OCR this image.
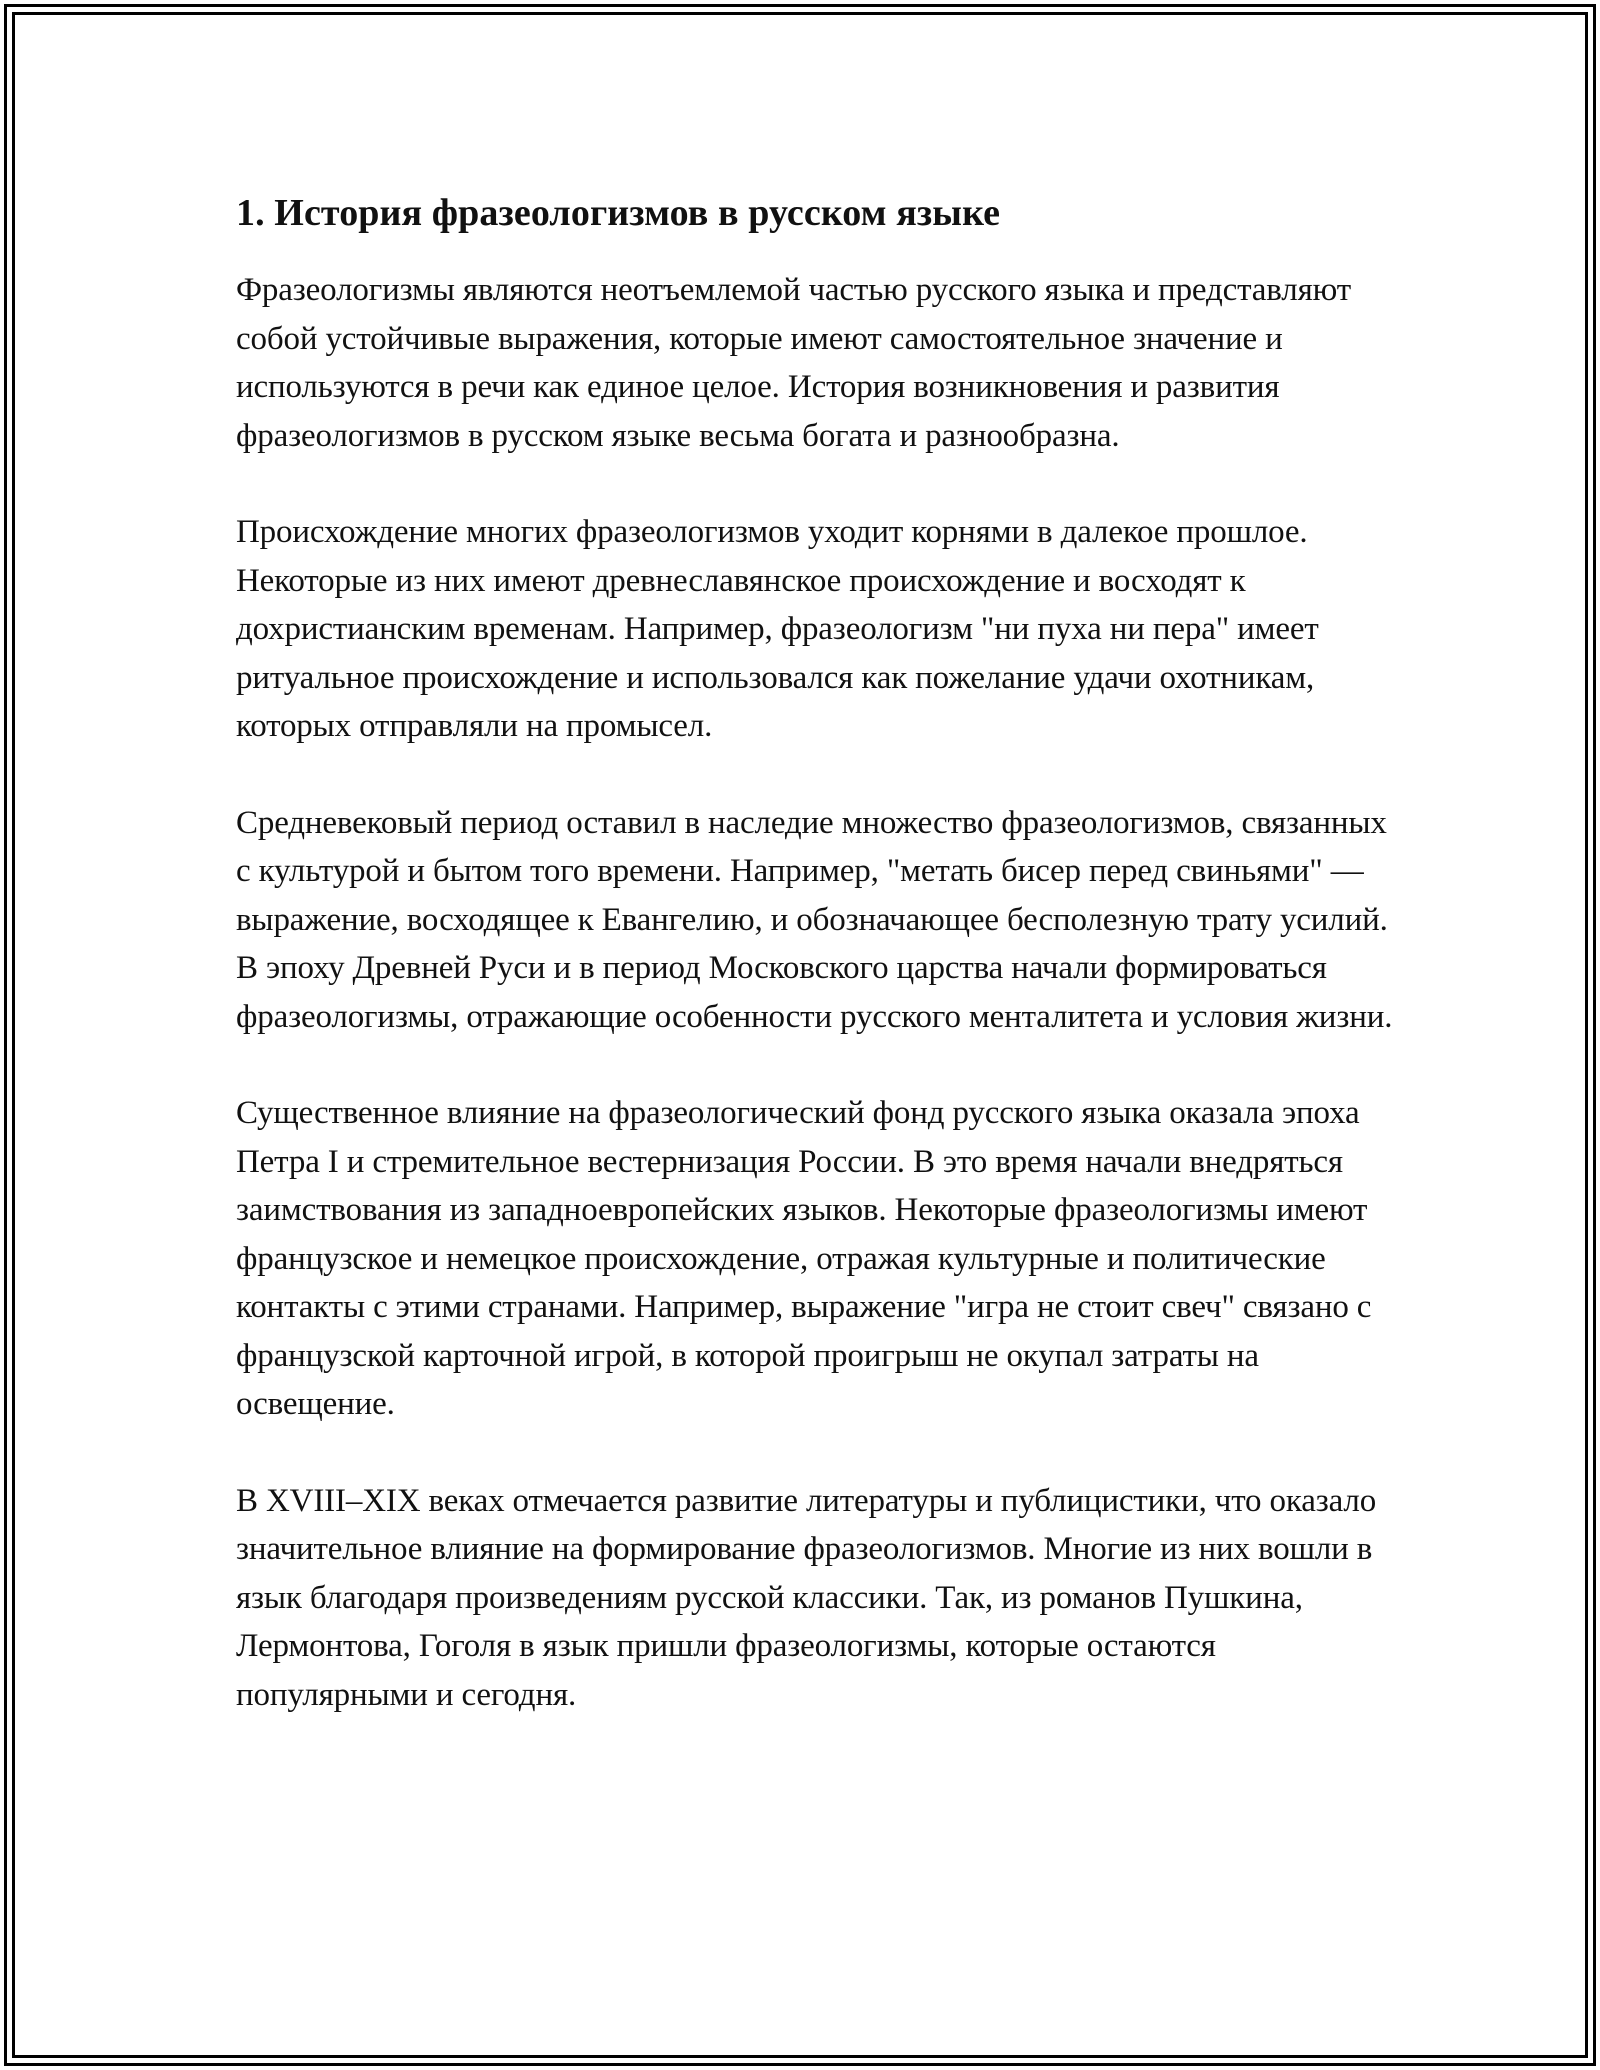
1. История фразеологизмов в русском языке

Фразеологизмы являются неотъемлемой частью русского языка и представляют собой устойчивые выражения, которые имеют самостоятельное значение и используются в речи как единое целое. История возникновения и развития фразеологизмов в русском языке весьма богата и разнообразна.

Происхождение многих фразеологизмов уходит корнями в далекое прошлое. Некоторые из них имеют древнеславянское происхождение и восходят к дохристианским временам. Например, фразеологизм "ни пуха ни пера" имеет ритуальное происхождение и использовался как пожелание удачи охотникам, которых отправляли на промысел.

Средневековый период оставил в наследие множество фразеологизмов, связанных с культурой и бытом того времени. Например, "метать бисер перед свиньями" — выражение, восходящее к Евангелию, и обозначающее бесполезную трату усилий. В эпоху Древней Руси и в период Московского царства начали формироваться фразеологизмы, отражающие особенности русского менталитета и условия жизни.

Существенное влияние на фразеологический фонд русского языка оказала эпоха Петра I и стремительное вестернизация России. В это время начали внедряться заимствования из западноевропейских языков. Некоторые фразеологизмы имеют французское и немецкое происхождение, отражая культурные и политические контакты с этими странами. Например, выражение "игра не стоит свеч" связано с французской карточной игрой, в которой проигрыш не окупал затраты на освещение.

В XVIII–XIX веках отмечается развитие литературы и публицистики, что оказало значительное влияние на формирование фразеологизмов. Многие из них вошли в язык благодаря произведениям русской классики. Так, из романов Пушкина, Лермонтова, Гоголя в язык пришли фразеологизмы, которые остаются популярными и сегодня.
